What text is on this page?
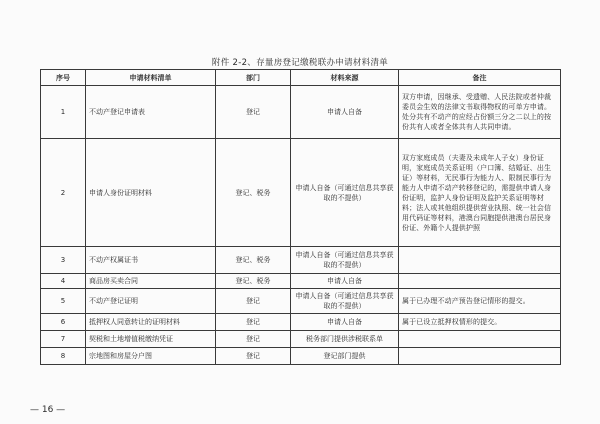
附件 2-2、存量房登记缴税联办申请材料清单
序号	申请材料清单	部门	材料来源	备注
1	不动产登记申请表	登记	申请人自备	双方申请，因继承、受遗赠、人民法院或者仲裁委员会生效的法律文书取得物权的可单方申请。处分共有不动产的应经占份额三分之二以上的按份共有人或者全体共有人共同申请。
2	申请人身份证明材料	登记、税务	申请人自备（可通过信息共享获取的不提供）	双方家庭成员（夫妻及未成年人子女）身份证明，家庭成员关系证明（户口簿、结婚证、出生证）等材料，无民事行为能力人、限制民事行为能力人申请不动产转移登记的，需提供申请人身份证明，监护人身份证明及监护关系证明等材料；法人或其他组织提供营业执照、统一社会信用代码证等材料，港澳台同胞提供港澳台居民身份证、外籍个人提供护照
3	不动产权属证书	登记、税务	申请人自备（可通过信息共享获取的不提供）	
4	商品房买卖合同	登记、税务	申请人自备	
5	不动产登记证明	登记	申请人自备（可通过信息共享获取的不提供）	属于已办理不动产预告登记情形的提交。
6	抵押权人同意转让的证明材料	登记	申请人自备	属于已设立抵押权情形的提交。
7	契税和土地增值税缴纳凭证	登记	税务部门提供涉税联系单	
8	宗地图和房屋分户图	登记	登记部门提供	
— 16 —
